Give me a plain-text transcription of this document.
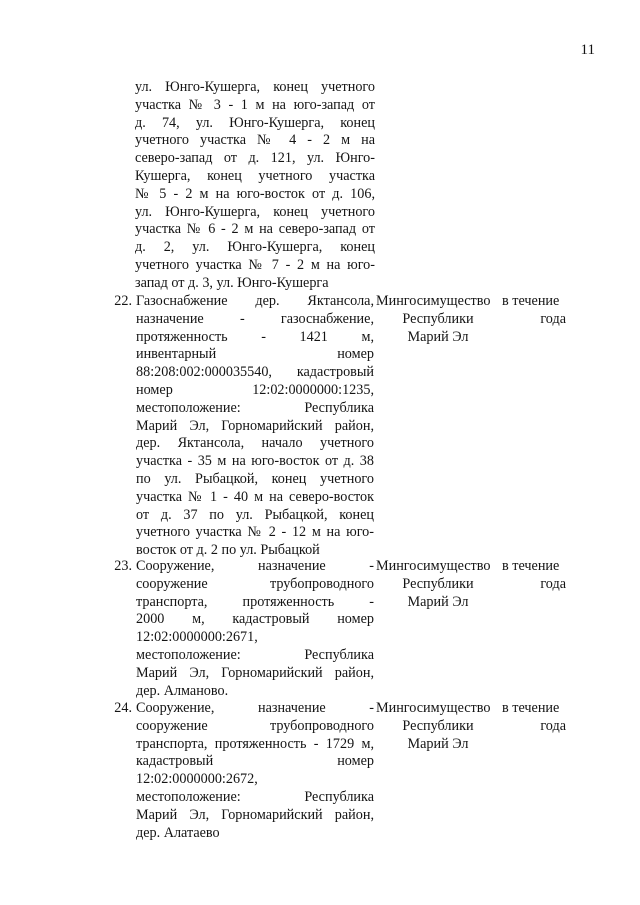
11
ул. Юнго-Кушерга, конец учетного
участка № 3 - 1 м на юго-запад от
д. 74, ул. Юнго-Кушерга, конец
учетного участка № 4 - 2 м на
северо-запад от д. 121, ул. Юнго-
Кушерга, конец учетного участка
№ 5 - 2 м на юго-восток от д. 106,
ул. Юнго-Кушерга, конец учетного
участка № 6 - 2 м на северо-запад от
д. 2, ул. Юнго-Кушерга, конец
учетного участка № 7 - 2 м на юго-
запад от д. 3, ул. Юнго-Кушерга
22. Газоснабжение дер. Яктансола,
назначение - газоснабжение,
протяженность - 1421 м,
инвентарный номер
88:208:002:000035540, кадастровый
номер 12:02:0000000:1235,
местоположение: Республика
Марий Эл, Горномарийский район,
дер. Яктансола, начало учетного
участка - 35 м на юго-восток от д. 38
по ул. Рыбацкой, конец учетного
участка № 1 - 40 м на северо-восток
от д. 37 по ул. Рыбацкой, конец
учетного участка № 2 - 12 м на юго-
восток от д. 2 по ул. Рыбацкой
Мингосимущество
Республики
Марий Эл
в течение
года
23. Сооружение, назначение -
сооружение трубопроводного
транспорта, протяженность -
2000 м, кадастровый номер
12:02:0000000:2671,
местоположение: Республика
Марий Эл, Горномарийский район,
дер. Алманово.
Мингосимущество
Республики
Марий Эл
в течение
года
24. Сооружение, назначение -
сооружение трубопроводного
транспорта, протяженность - 1729 м,
кадастровый номер
12:02:0000000:2672,
местоположение: Республика
Марий Эл, Горномарийский район,
дер. Алатаево
Мингосимущество
Республики
Марий Эл
в течение
года
